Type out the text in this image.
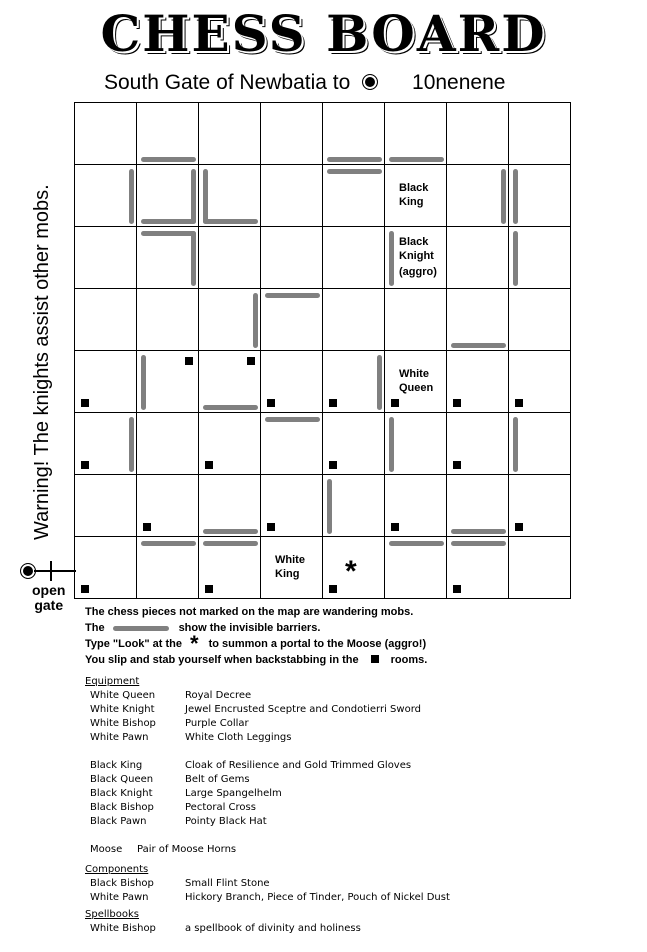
CHESS BOARD
South Gate of Newbatia to	10nenene
Warning! The knights assist other mobs.	Black
King
Black
Knight
(aggro)
White
Queen
White
King *
open
gate The chess pieces not marked on the map are wandering mobs.
The	show the invisible barriers.
Type "Look" at the * to summon a portal to the Moose (aggro!)
You slip and stab yourself when backstabbing in the	rooms.
Equipment
White Queen	Royal Decree
White Knight	Jewel Encrusted Sceptre and Condotierri Sword
White Bishop	Purple Collar
White Pawn	White Cloth Leggings
Black King	Cloak of Resilience and Gold Trimmed Gloves
Black Queen	Belt of Gems
Black Knight	Large Spangelhelm
Black Bishop	Pectoral Cross
Black Pawn	Pointy Black Hat
Moose Pair of Moose Horns
Components
Black Bishop	Small Flint Stone
White Pawn	Hickory Branch, Piece of Tinder, Pouch of Nickel Dust
Spellbooks
White Bishop	a spellbook of divinity and holiness
